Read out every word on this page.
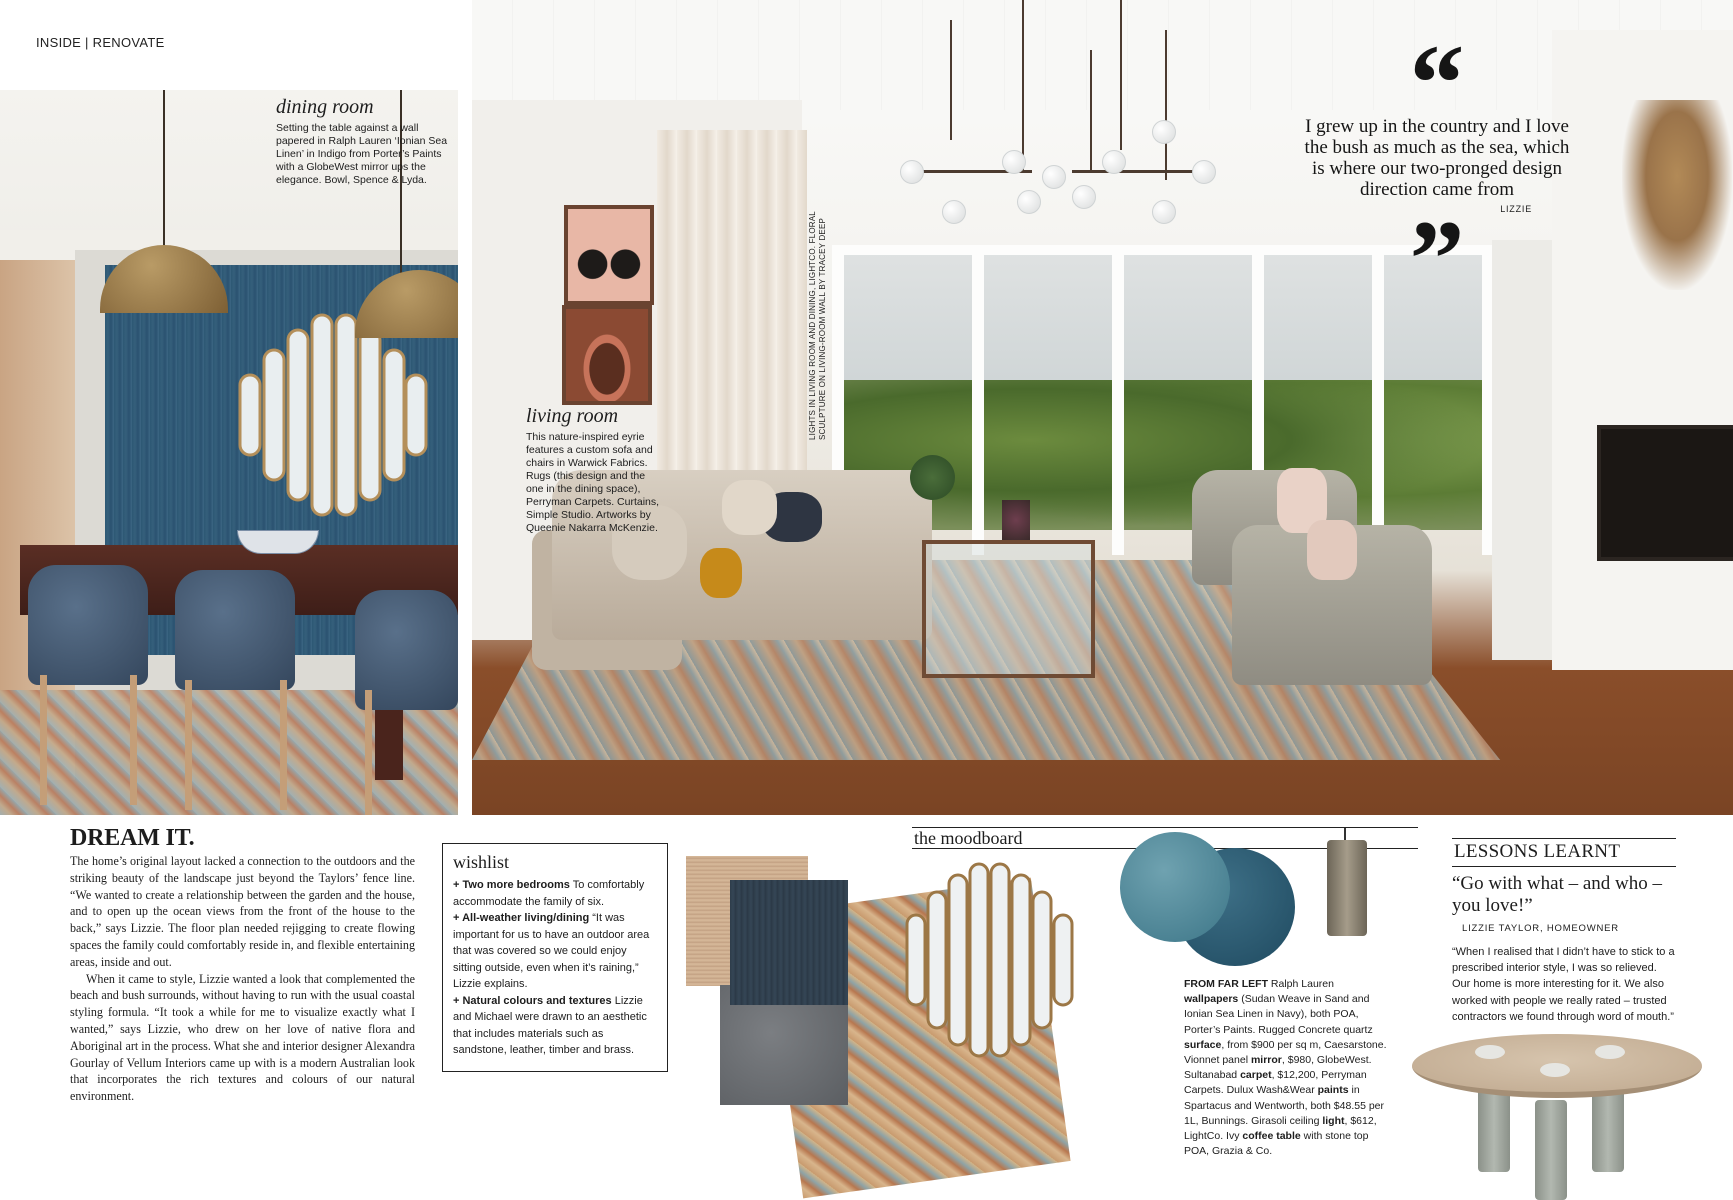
INSIDE | RENOVATE
dining room
Setting the table against a wall papered in Ralph Lauren ‘Ionian Sea Linen’ in Indigo from Porter’s Paints with a GlobeWest mirror ups the elegance. Bowl, Spence & Lyda.
living room
This nature-inspired eyrie features a custom sofa and chairs in Warwick Fabrics. Rugs (this design and the one in the dining space), Perryman Carpets. Curtains, Simple Studio. Artworks by Queenie Nakarra McKenzie.
“
I grew up in the country and I love the bush as much as the sea, which is where our two-pronged design direction came from
LIZZIE
”
LIGHTS IN LIVING ROOM AND DINING, LIGHTCO. FLORAL SCULPTURE ON LIVING-ROOM WALL BY TRACEY DEEP
DREAM IT.

The home’s original layout lacked a connection to the outdoors and the striking beauty of the landscape just beyond the Taylors’ fence line. “We wanted to create a relationship between the garden and the house, and to open up the ocean views from the front of the house to the back,” says Lizzie. The floor plan needed rejigging to create flowing spaces the family could comfortably reside in, and flexible entertaining areas, inside and out.

When it came to style, Lizzie wanted a look that complemented the beach and bush surrounds, without having to run with the usual coastal styling formula. “It took a while for me to visualize exactly what I wanted,” says Lizzie, who drew on her love of native flora and Aboriginal art in the process. What she and interior designer Alexandra Gourlay of Vellum Interiors came up with is a modern Australian look that incorporates the rich textures and colours of our natural environment.

wishlist
+ Two more bedrooms To comfortably accommodate the family of six.
+ All-weather living/dining “It was important for us to have an outdoor area that was covered so we could enjoy sitting outside, even when it’s raining,” Lizzie explains.
+ Natural colours and textures Lizzie and Michael were drawn to an aesthetic that includes materials such as sandstone, leather, timber and brass.
the moodboard
FROM FAR LEFT Ralph Lauren wallpapers (Sudan Weave in Sand and Ionian Sea Linen in Navy), both POA, Porter’s Paints. Rugged Concrete quartz surface, from $900 per sq m, Caesarstone. Vionnet panel mirror, $980, GlobeWest. Sultanabad carpet, $12,200, Perryman Carpets. Dulux Wash&Wear paints in Spartacus and Wentworth, both $48.55 per 1L, Bunnings. Girasoli ceiling light, $612, LightCo. Ivy coffee table with stone top POA, Grazia & Co.
LESSONS LEARNT
“Go with what – and who – you love!”
LIZZIE TAYLOR, HOMEOWNER
“When I realised that I didn’t have to stick to a prescribed interior style, I was so relieved. Our home is more interesting for it. We also worked with people we really rated – trusted contractors we found through word of mouth.”
